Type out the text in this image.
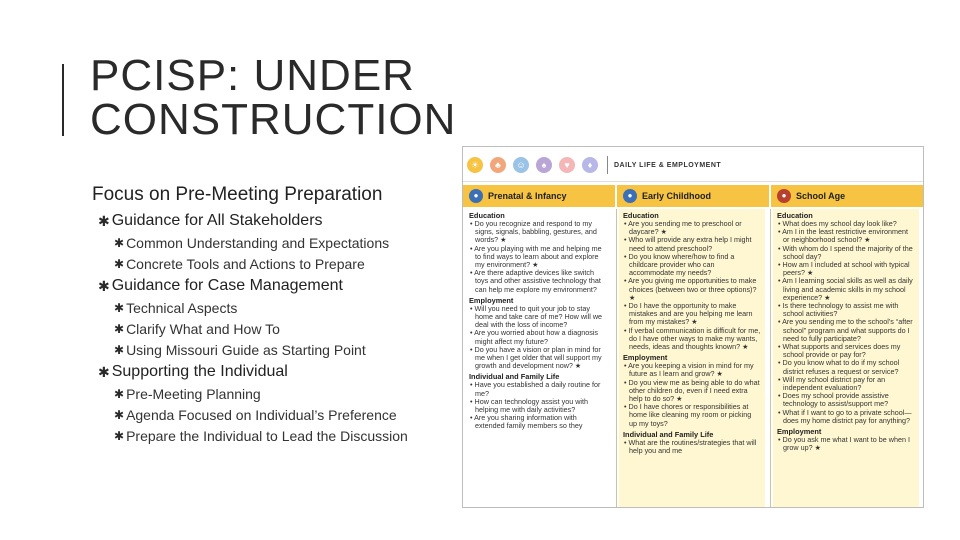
PCISP: UNDER
CONSTRUCTION
Focus on Pre-Meeting Preparation
✱ Guidance for All Stakeholders
✱ Common Understanding and Expectations
✱ Concrete Tools and Actions to Prepare
✱ Guidance for Case Management
✱ Technical Aspects
✱ Clarify What and How To
✱ Using Missouri Guide as Starting Point
✱ Supporting the Individual
✱ Pre-Meeting Planning
✱ Agenda Focused on Individual’s Preference
✱ Prepare the Individual to Lead the Discussion
☀	♣	☺	♠	♥	♦	DAILY LIFE & EMPLOYMENT
●	Prenatal & Infancy	●	Early Childhood	●	School Age
Education
• Do you recognize and respond to my signs, signals, babbling, gestures, and words? ★
• Are you playing with me and helping me to find ways to learn about and explore my environment? ★
• Are there adaptive devices like switch toys and other assistive technology that can help me explore my environment?
Employment
• Will you need to quit your job to stay home and take care of me? How will we deal with the loss of income?
• Are you worried about how a diagnosis might affect my future?
• Do you have a vision or plan in mind for me when I get older that will support my growth and development now? ★
Individual and Family Life
• Have you established a daily routine for me?
• How can technology assist you with helping me with daily activities?
• Are you sharing information with extended family members so they
Education
• Are you sending me to preschool or daycare? ★
• Who will provide any extra help I might need to attend preschool?
• Do you know where/how to find a childcare provider who can accommodate my needs?
• Are you giving me opportunities to make choices (between two or three options)? ★
• Do I have the opportunity to make mistakes and are you helping me learn from my mistakes? ★
• If verbal communication is difficult for me, do I have other ways to make my wants, needs, ideas and thoughts known? ★
Employment
• Are you keeping a vision in mind for my future as I learn and grow? ★
• Do you view me as being able to do what other children do, even if I need extra help to do so? ★
• Do I have chores or responsibilities at home like cleaning my room or picking up my toys?
Individual and Family Life
• What are the routines/strategies that will help you and me
Education
• What does my school day look like?
• Am I in the least restrictive environment or neighborhood school? ★
• With whom do I spend the majority of the school day?
• How am I included at school with typical peers? ★
• Am I learning social skills as well as daily living and academic skills in my school experience? ★
• Is there technology to assist me with school activities?
• Are you sending me to the school’s “after school” program and what supports do I need to fully participate?
• What supports and services does my school provide or pay for?
• Do you know what to do if my school district refuses a request or service?
• Will my school district pay for an independent evaluation?
• Does my school provide assistive technology to assist/support me?
• What if I want to go to a private school—does my home district pay for anything?
Employment
• Do you ask me what I want to be when I grow up? ★
